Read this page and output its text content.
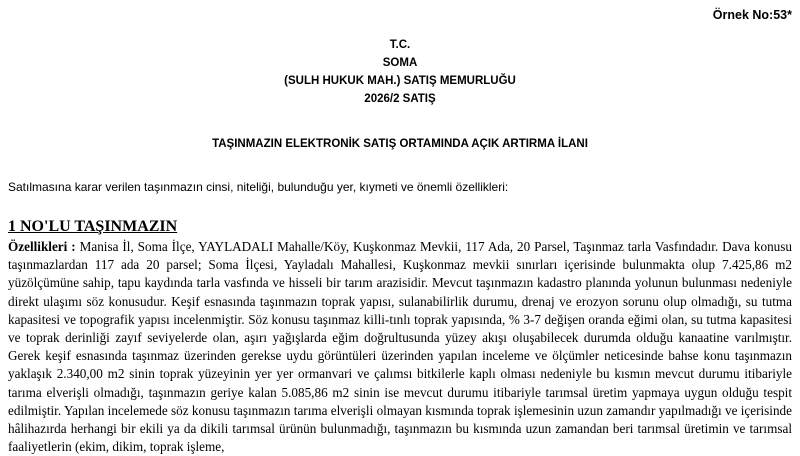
Örnek No:53*
T.C.
SOMA
(SULH HUKUK MAH.) SATIŞ MEMURLUĞU
2026/2 SATIŞ
TAŞINMAZIN ELEKTRONİK SATIŞ ORTAMINDA AÇIK ARTIRMA İLANI
Satılmasına karar verilen taşınmazın cinsi, niteliği, bulunduğu yer, kıymeti ve önemli özellikleri:
1 NO'LU TAŞINMAZIN
Özellikleri : Manisa İl, Soma İlçe, YAYLADALI Mahalle/Köy, Kuşkonmaz Mevkii, 117 Ada, 20 Parsel, Taşınmaz tarla Vasfındadır. Dava konusu taşınmazlardan 117 ada 20 parsel; Soma İlçesi, Yayladalı Mahallesi, Kuşkonmaz mevkii sınırları içerisinde bulunmakta olup 7.425,86 m2 yüzölçümüne sahip, tapu kaydında tarla vasfında ve hisseli bir tarım arazisidir. Mevcut taşınmazın kadastro planında yolunun bulunması nedeniyle direkt ulaşımı söz konusudur. Keşif esnasında taşınmazın toprak yapısı, sulanabilirlik durumu, drenaj ve erozyon sorunu olup olmadığı, su tutma kapasitesi ve topografik yapısı incelenmiştir. Söz konusu taşınmaz killi-tınlı toprak yapısında, % 3-7 değişen oranda eğimi olan, su tutma kapasitesi ve toprak derinliği zayıf seviyelerde olan, aşırı yağışlarda eğim doğrultusunda yüzey akışı oluşabilecek durumda olduğu kanaatine varılmıştır. Gerek keşif esnasında taşınmaz üzerinden gerekse uydu görüntüleri üzerinden yapılan inceleme ve ölçümler neticesinde bahse konu taşınmazın yaklaşık 2.340,00 m2 sinin toprak yüzeyinin yer yer ormanvari ve çalımsı bitkilerle kaplı olması nedeniyle bu kısmın mevcut durumu itibariyle tarıma elverişli olmadığı, taşınmazın geriye kalan 5.085,86 m2 sinin ise mevcut durumu itibariyle tarımsal üretim yapmaya uygun olduğu tespit edilmiştir. Yapılan incelemede söz konusu taşınmazın tarıma elverişli olmayan kısmında toprak işlemesinin uzun zamandır yapılmadığı ve içerisinde hâlihazırda herhangi bir ekili ya da dikili tarımsal ürünün bulunmadığı, taşınmazın bu kısmında uzun zamandan beri tarımsal üretimin ve tarımsal faaliyetlerin (ekim, dikim, toprak işleme,
